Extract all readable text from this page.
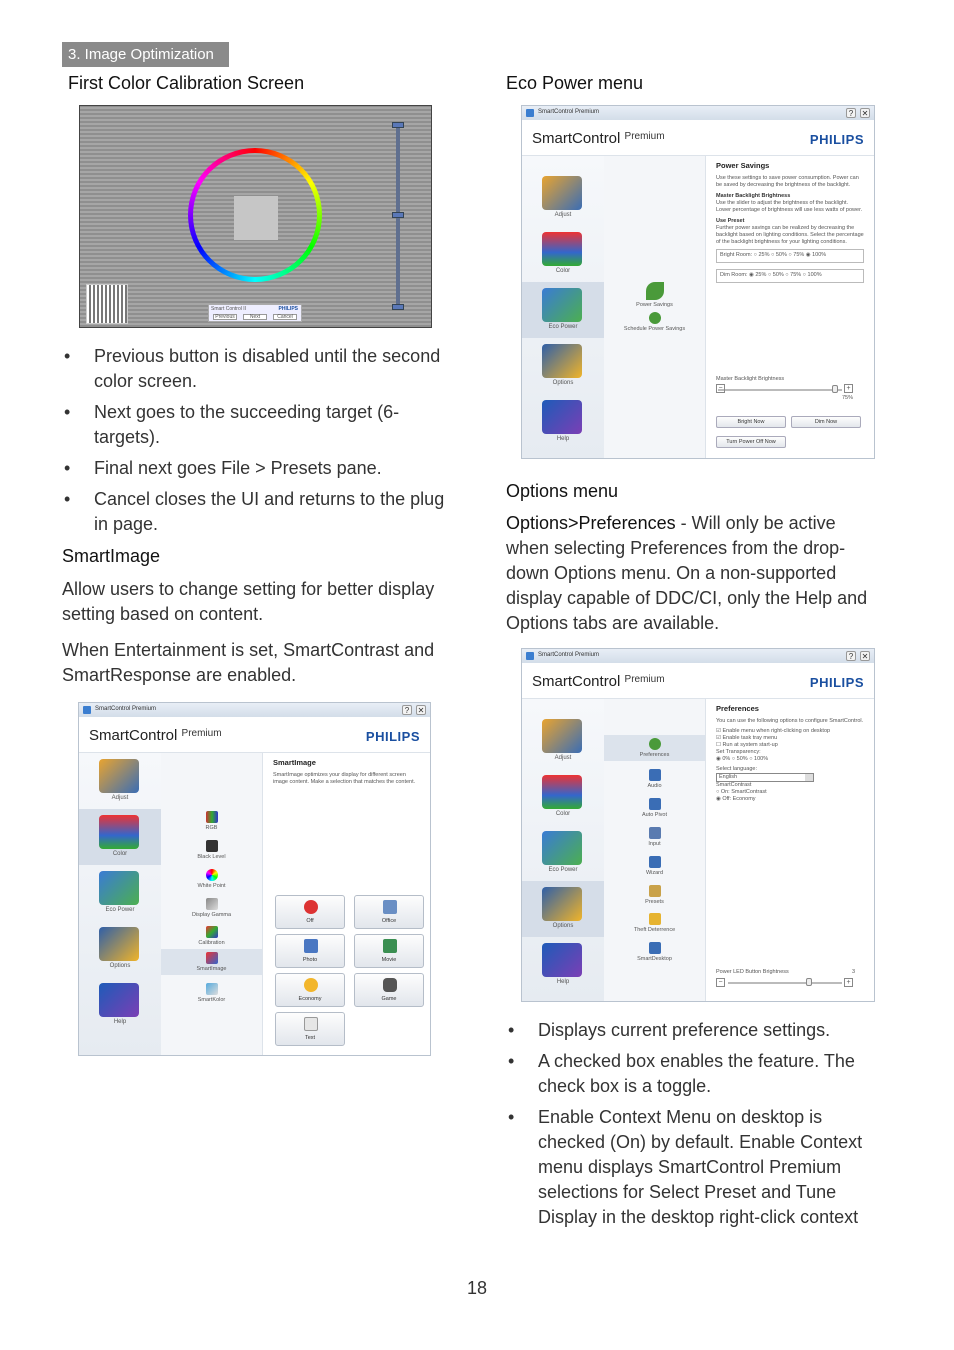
3. Image Optimization
First Color Calibration Screen
Smart Control II	PHILIPS
Previous	Next	Cancel
• Previous button is disabled until the second color screen.
• Next goes to the succeeding target (6-targets).
• Final next goes File > Presets pane.
• Cancel closes the UI and returns to the plug in page.
SmartImage
Allow users to change setting for better display setting based on content.
When Entertainment is set, SmartContrast and SmartResponse are enabled.
SmartControl Premium	?	✕
SmartControl $^{Premium}$	PHILIPS
Adjust
Color
Eco Power
Options
Help
RGB
Black Level
White Point
Display Gamma
Calibration
SmartImage
SmartKolor
SmartImage
SmartImage optimizes your display for different screen image content. Make a selection that matches the content.
Off	Office
Photo	Movie
Economy	Game
Text
Eco Power menu
SmartControl Premium	?	✕
SmartControl $^{Premium}$	PHILIPS
Adjust
Color
Eco Power
Options
Help
Power Savings
Schedule Power Savings
Power Savings
Use these settings to save power consumption. Power can be saved by decreasing the brightness of the backlight.
Master Backlight Brightness
Use the slider to adjust the brightness of the backlight. Lower percentage of brightness will use less watts of power.
Use Preset
Further power savings can be realized by decreasing the backlight based on lighting conditions. Select the percentage of the backlight brightness for your lighting conditions.
Bright Room: ○ 25% ○ 50% ○ 75% ◉ 100%
Dim Room: ◉ 25% ○ 50% ○ 75% ○ 100%
Master Backlight Brightness
+
−
75%
Bright Now	Dim Now
Turn Power Off Now
Options menu
Options>Preferences - Will only be active when selecting Preferences from the drop-down Options menu. On a non-supported display capable of DDC/CI, only the Help and Options tabs are available.
SmartControl Premium	?	✕
SmartControl $^{Premium}$	PHILIPS
Adjust
Color
Eco Power
Options
Help
Preferences
Audio
Auto Pivot
Input
Wizard
Presets
Theft Deterrence
SmartDesktop
Preferences
You can use the following options to configure SmartControl.
☑ Enable menu when right-clicking on desktop
☑ Enable task tray menu
☐ Run at system start-up
Set Transparency:
◉ 0% ○ 50% ○ 100%
Select language:
English
SmartContrast
○ On: SmartContrast
◉ Off: Economy
Power LED Button Brightness	3
−	+
• Displays current preference settings.
• A checked box enables the feature. The check box is a toggle.
• Enable Context Menu on desktop is checked (On) by default. Enable Context menu displays SmartControl Premium selections for Select Preset and Tune Display in the desktop right-click context
18
